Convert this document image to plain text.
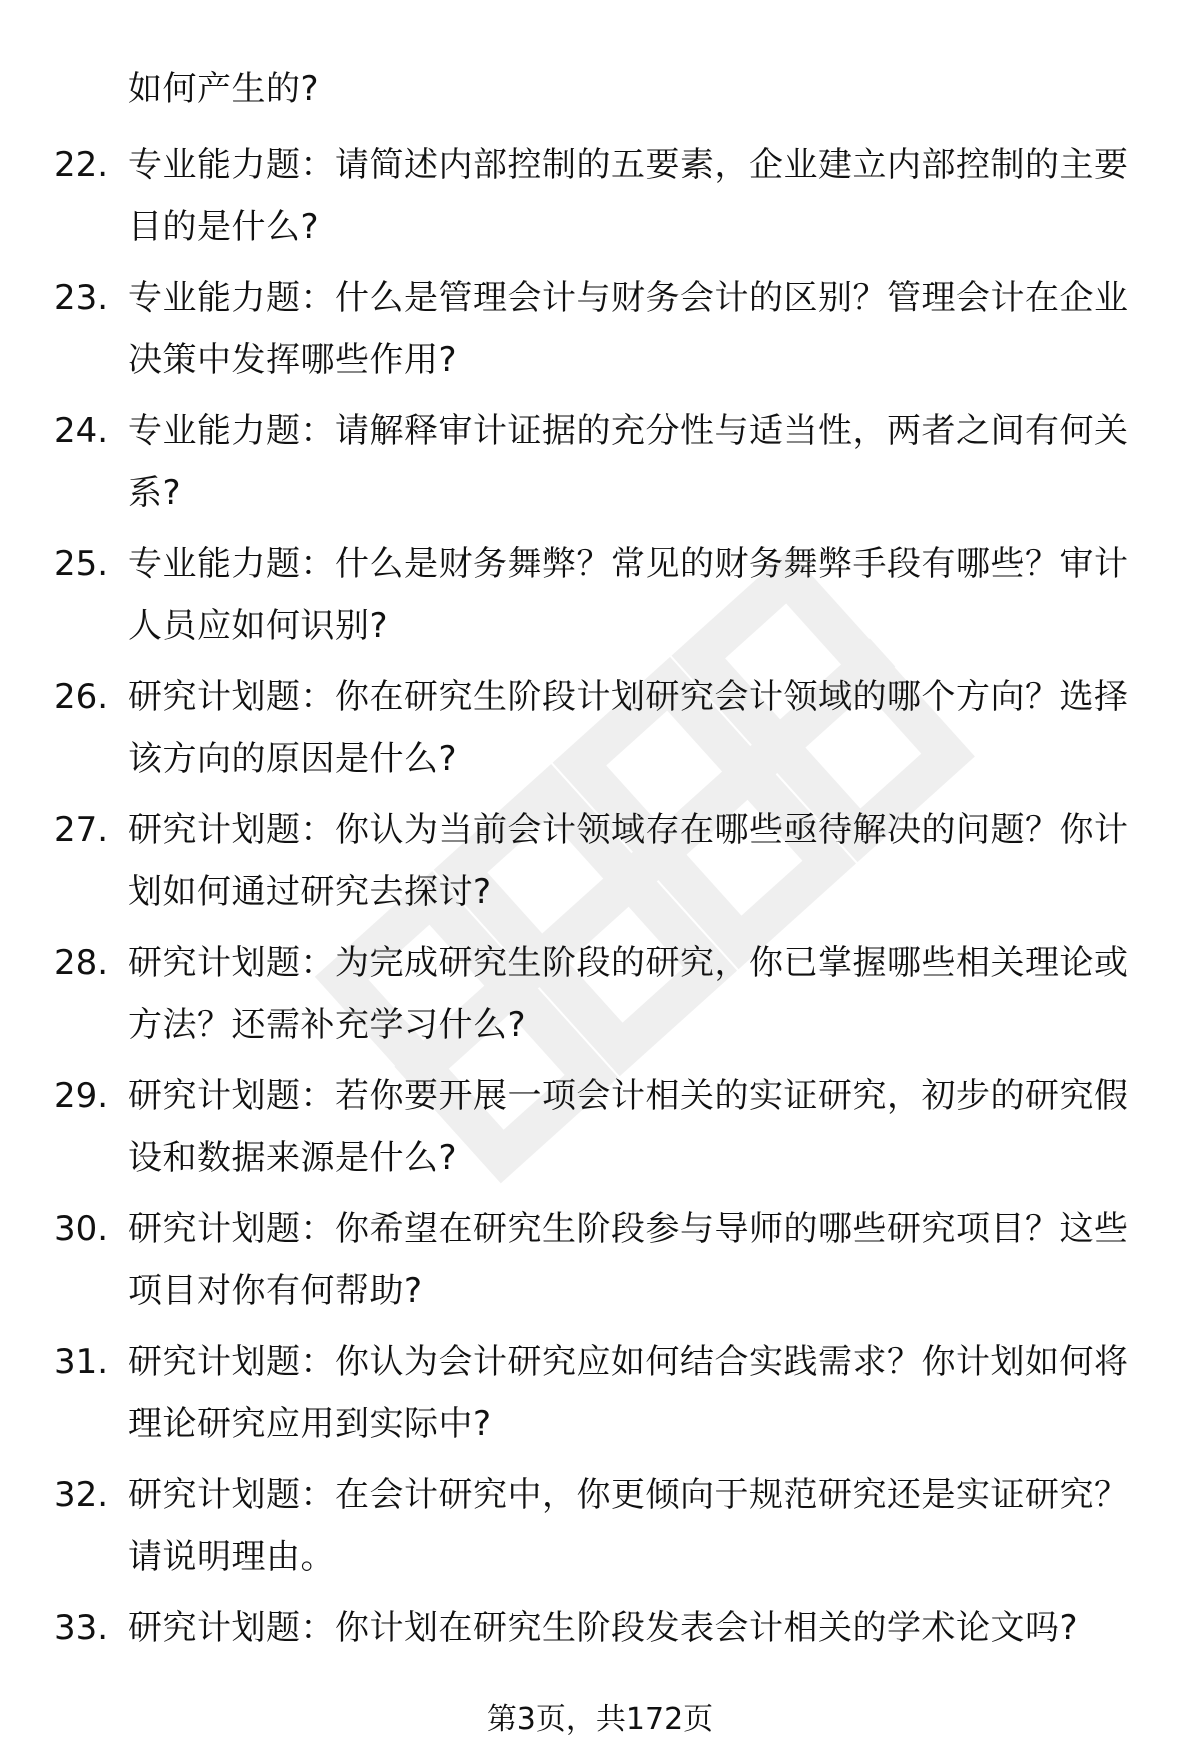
如何产生的?
22. 专业能力题：请简述内部控制的五要素，企业建立内部控制的主要目的是什么?
23. 专业能力题：什么是管理会计与财务会计的区别？管理会计在企业决策中发挥哪些作用?
24. 专业能力题：请解释审计证据的充分性与适当性，两者之间有何关系?
25. 专业能力题：什么是财务舞弊？常见的财务舞弊手段有哪些？审计人员应如何识别?
26. 研究计划题：你在研究生阶段计划研究会计领域的哪个方向？选择该方向的原因是什么?
27. 研究计划题：你认为当前会计领域存在哪些亟待解决的问题？你计划如何通过研究去探讨?
28. 研究计划题：为完成研究生阶段的研究，你已掌握哪些相关理论或方法？还需补充学习什么?
29. 研究计划题：若你要开展一项会计相关的实证研究，初步的研究假设和数据来源是什么?
30. 研究计划题：你希望在研究生阶段参与导师的哪些研究项目？这些项目对你有何帮助?
31. 研究计划题：你认为会计研究应如何结合实践需求？你计划如何将理论研究应用到实际中?
32. 研究计划题：在会计研究中，你更倾向于规范研究还是实证研究？请说明理由。
33. 研究计划题：你计划在研究生阶段发表会计相关的学术论文吗?
第3页，共172页
